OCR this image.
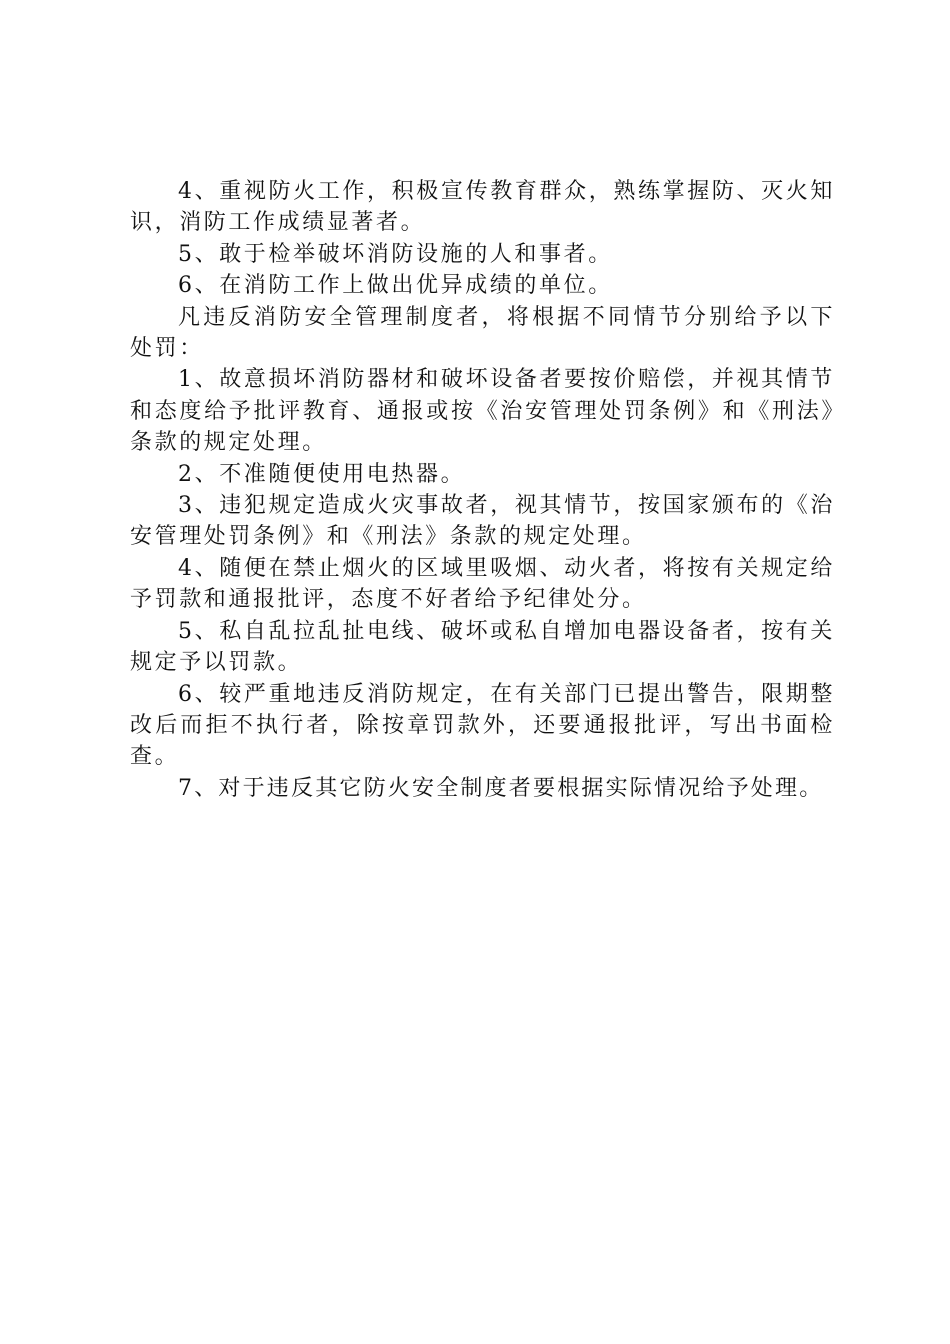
4、重视防火工作，积极宣传教育群众，熟练掌握防、灭火知识，消防工作成绩显著者。

5、敢于检举破坏消防设施的人和事者。

6、在消防工作上做出优异成绩的单位。

凡违反消防安全管理制度者，将根据不同情节分别给予以下处罚：

1、故意损坏消防器材和破坏设备者要按价赔偿，并视其情节和态度给予批评教育、通报或按《治安管理处罚条例》和《刑法》条款的规定处理。

2、不准随便使用电热器。

3、违犯规定造成火灾事故者，视其情节，按国家颁布的《治安管理处罚条例》和《刑法》条款的规定处理。

4、随便在禁止烟火的区域里吸烟、动火者，将按有关规定给予罚款和通报批评，态度不好者给予纪律处分。

5、私自乱拉乱扯电线、破坏或私自增加电器设备者，按有关规定予以罚款。

6、较严重地违反消防规定，在有关部门已提出警告，限期整改后而拒不执行者，除按章罚款外，还要通报批评，写出书面检查。

7、对于违反其它防火安全制度者要根据实际情况给予处理。
